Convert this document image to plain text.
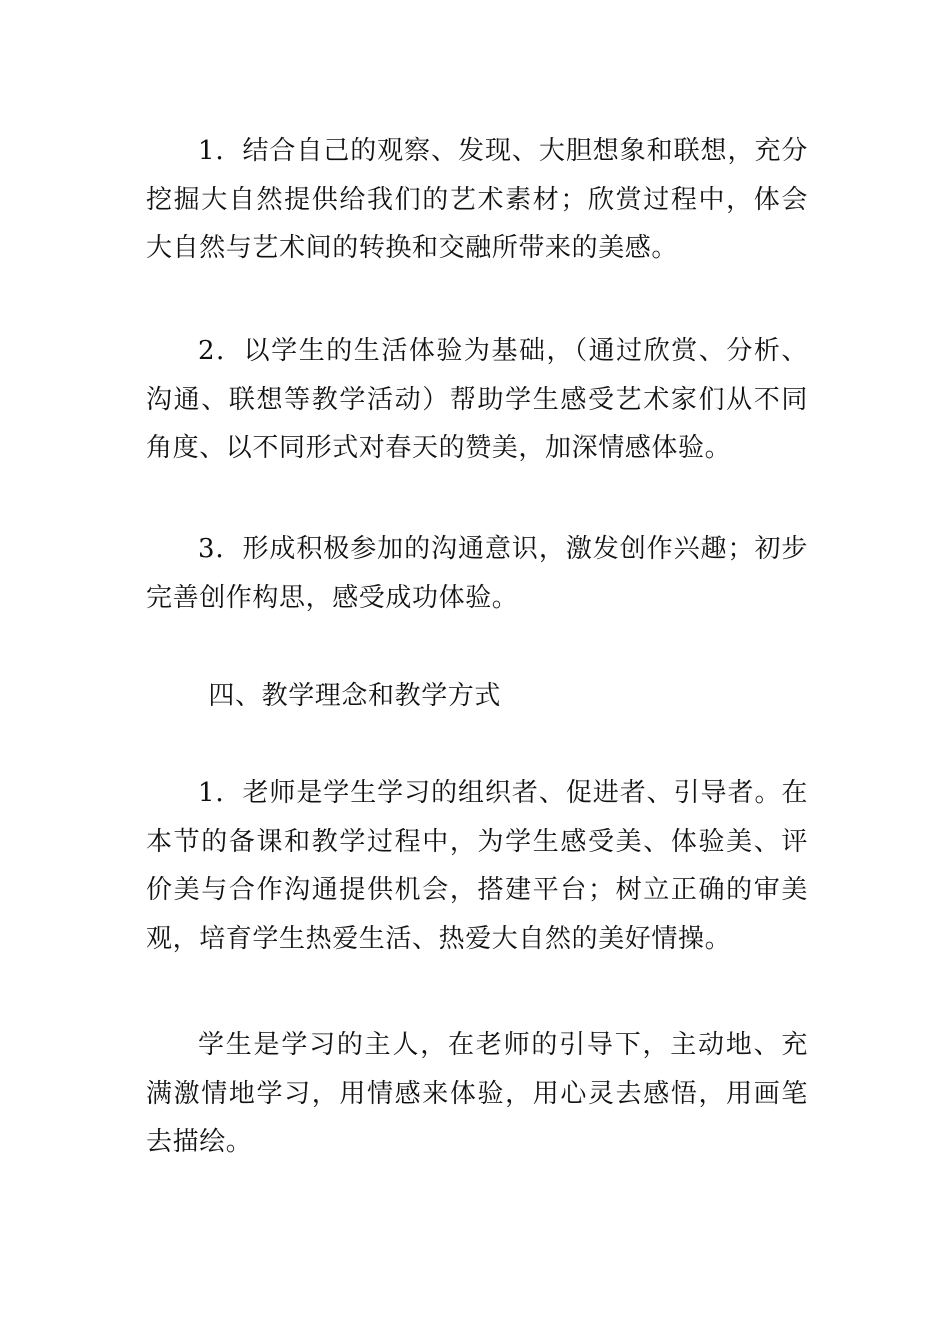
1．结合自己的观察、发现、大胆想象和联想，充分挖掘大自然提供给我们的艺术素材；欣赏过程中，体会大自然与艺术间的转换和交融所带来的美感。

2．以学生的生活体验为基础，（通过欣赏、分析、沟通、联想等教学活动）帮助学生感受艺术家们从不同角度、以不同形式对春天的赞美，加深情感体验。

3．形成积极参加的沟通意识，激发创作兴趣；初步完善创作构思，感受成功体验。

四、教学理念和教学方式

1．老师是学生学习的组织者、促进者、引导者。在本节的备课和教学过程中，为学生感受美、体验美、评价美与合作沟通提供机会，搭建平台；树立正确的审美观，培育学生热爱生活、热爱大自然的美好情操。

学生是学习的主人，在老师的引导下，主动地、充满激情地学习，用情感来体验，用心灵去感悟，用画笔去描绘。
